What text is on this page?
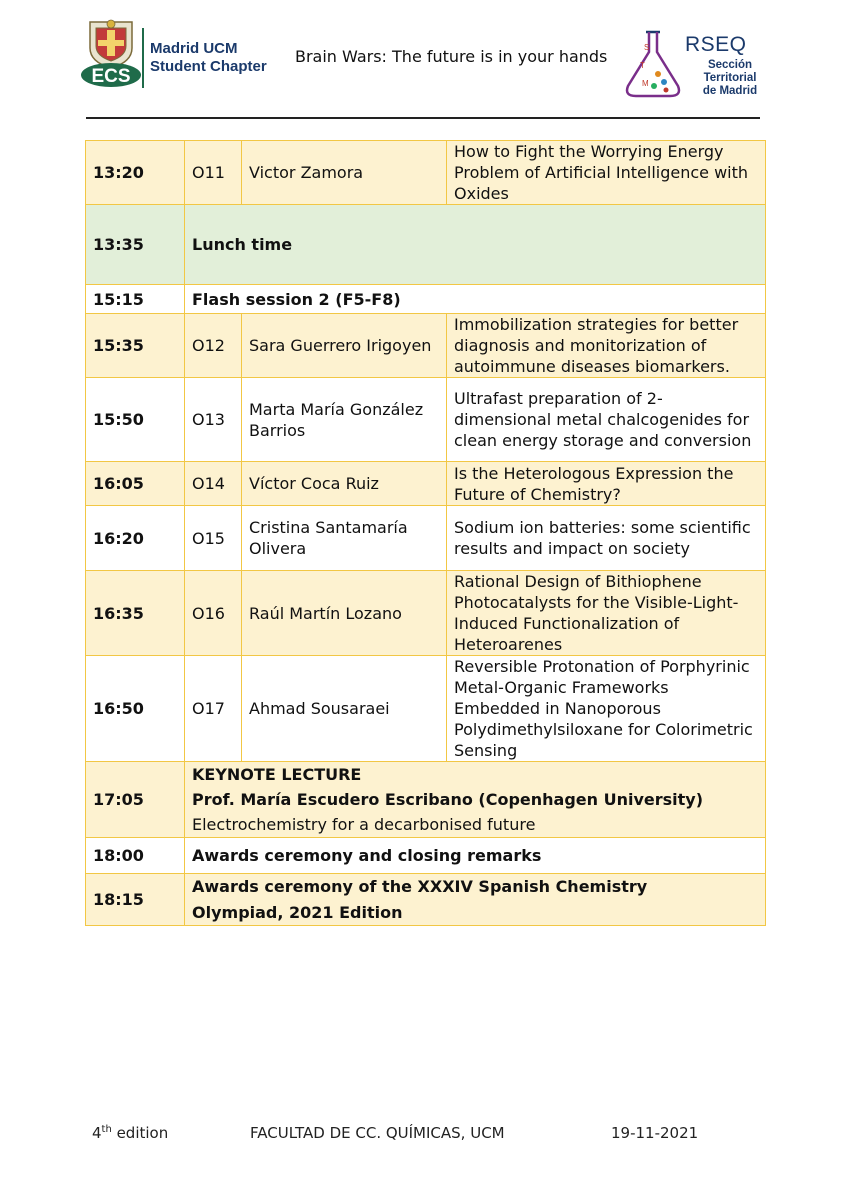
ECS
Madrid UCM
Student Chapter
Brain Wars: The future is in your hands	S
T
M
RSEQ
Sección
Territorial
de Madrid
13:20	O11	Victor Zamora	How to Fight the Worrying Energy Problem of Artificial Intelligence with Oxides
13:35	Lunch time		
15:15	Flash session 2 (F5-F8)		
15:35	O12	Sara Guerrero Irigoyen	Immobilization strategies for better diagnosis and monitorization of autoimmune diseases biomarkers.
15:50	O13	Marta María González Barrios	Ultrafast preparation of 2-dimensional metal chalcogenides for clean energy storage and conversion
16:05	O14	Víctor Coca Ruiz	Is the Heterologous Expression the Future of Chemistry?
16:20	O15	Cristina Santamaría Olivera	Sodium ion batteries: some scientific results and impact on society
16:35	O16	Raúl Martín Lozano	Rational Design of Bithiophene Photocatalysts for the Visible-Light-Induced Functionalization of Heteroarenes
16:50	O17	Ahmad Sousaraei	Reversible Protonation of Porphyrinic Metal-Organic Frameworks Embedded in Nanoporous Polydimethylsiloxane for Colorimetric Sensing
17:05	KEYNOTE LECTURE
Prof. María Escudero Escribano (Copenhagen University)
Electrochemistry for a decarbonised future		

18:00	Awards ceremony and closing remarks		
18:15	Awards ceremony of the XXXIV Spanish Chemistry
Olympiad, 2021 Edition		
4th edition	FACULTAD DE CC. QUÍMICAS, UCM	19-11-2021
